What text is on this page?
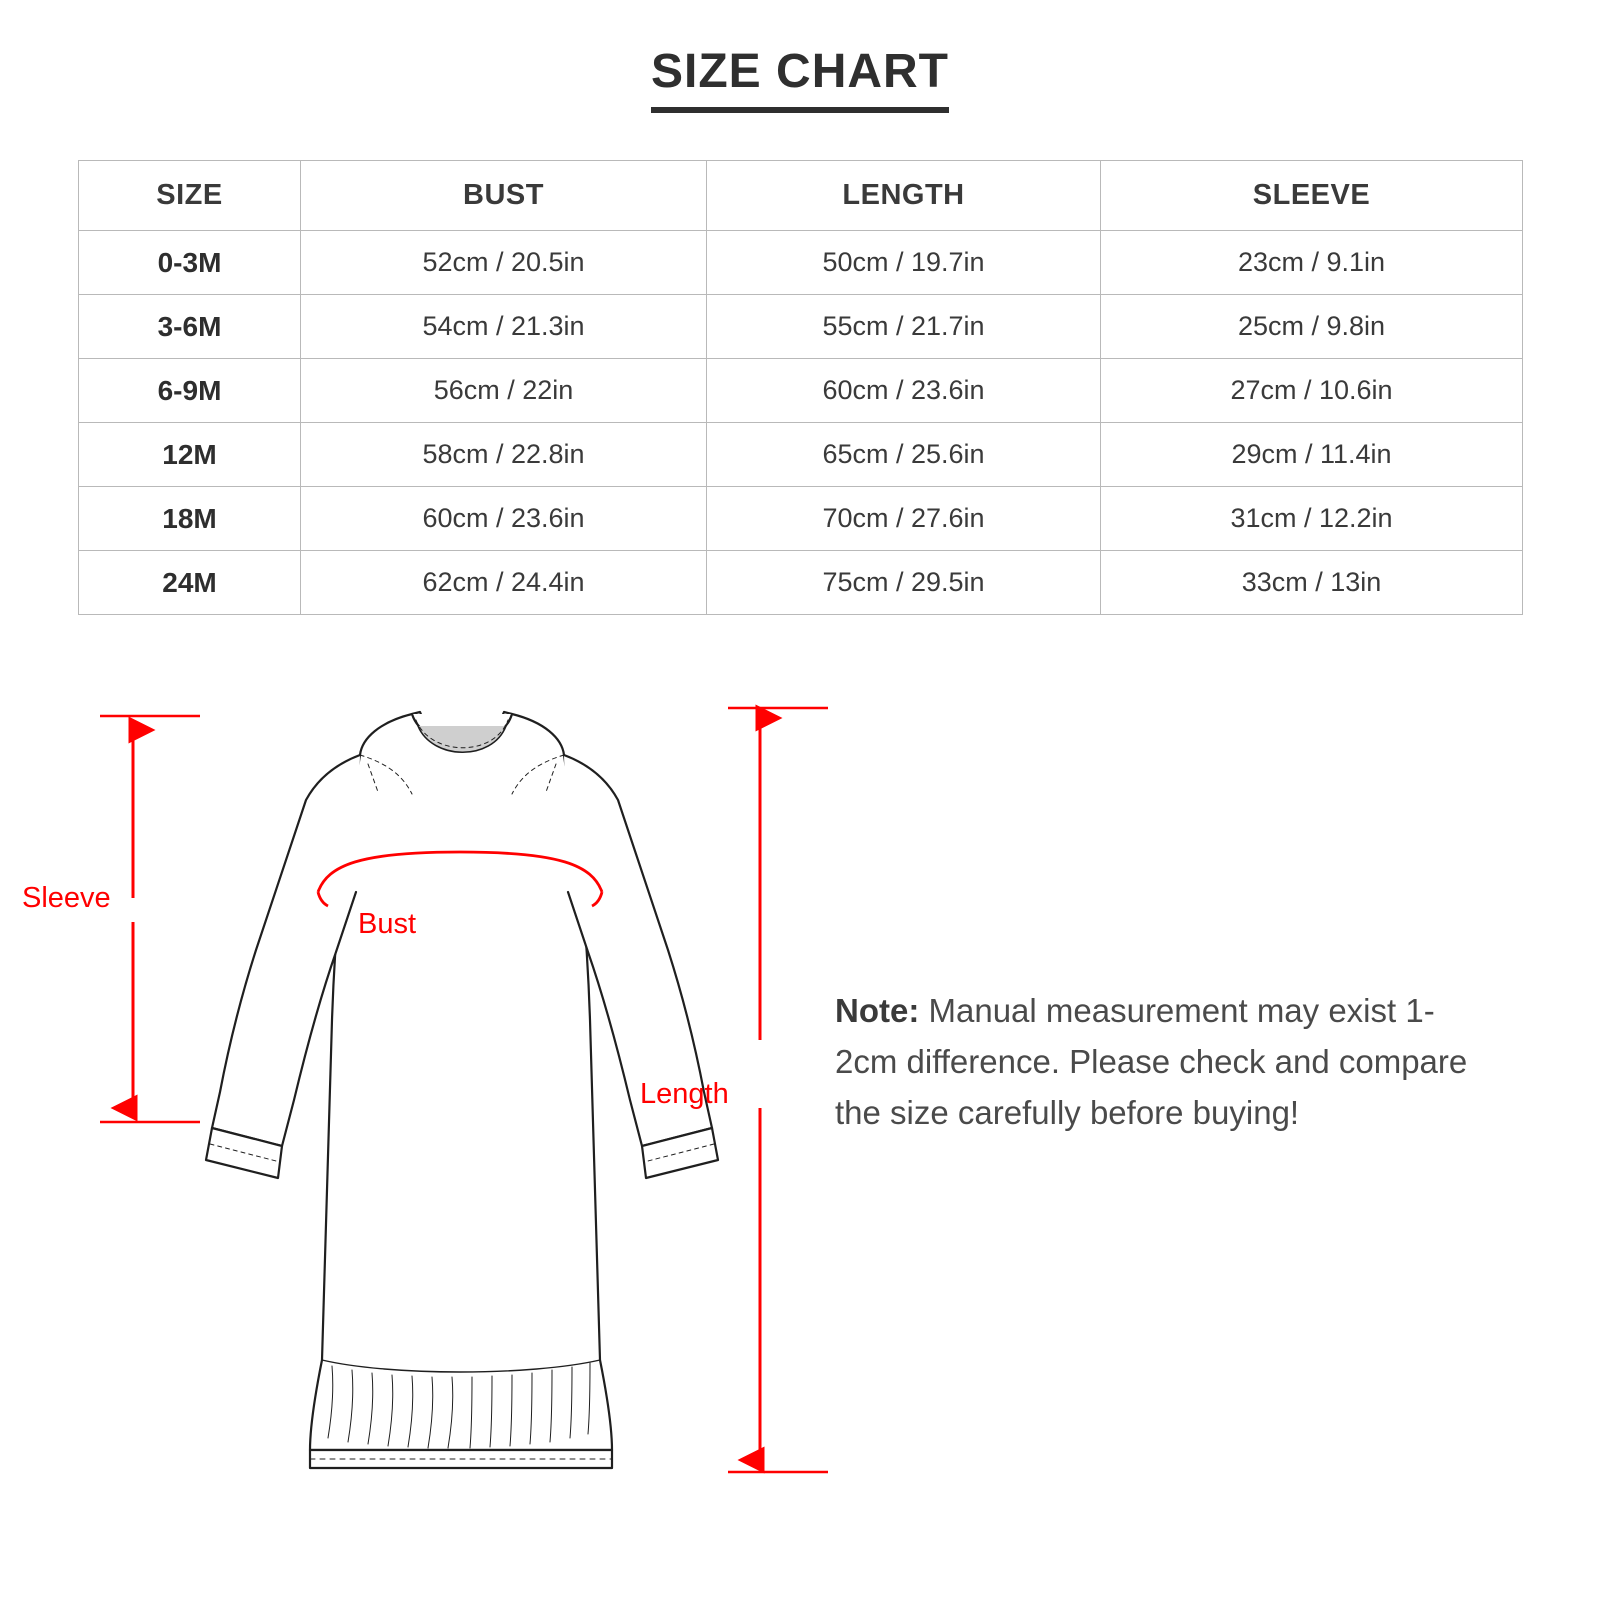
SIZE CHART
SIZE	BUST	LENGTH	SLEEVE
0-3M	52cm / 20.5in	50cm / 19.7in	23cm / 9.1in
3-6M	54cm / 21.3in	55cm / 21.7in	25cm / 9.8in
6-9M	56cm / 22in	60cm / 23.6in	27cm / 10.6in
12M	58cm / 22.8in	65cm / 25.6in	29cm / 11.4in
18M	60cm / 23.6in	70cm / 27.6in	31cm / 12.2in
24M	62cm / 24.4in	75cm / 29.5in	33cm / 13in
Sleeve
Bust
Length
Note: Manual measurement may exist 1-2cm difference. Please check and compare the size carefully before buying!
